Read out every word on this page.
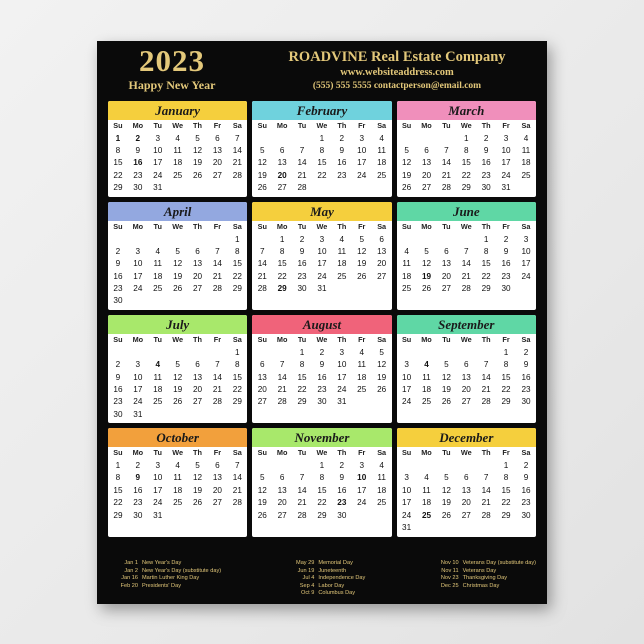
2023
Happy New Year
ROADVINE Real Estate Company
www.websiteaddress.com
(555) 555 5555 contactperson@email.com
January
Su	Mo	Tu	We	Th	Fr	Sa
1	2	3	4	5	6	7
8	9	10	11	12	13	14
15	16	17	18	19	20	21
22	23	24	25	26	27	28
29	30	31				
February
Su	Mo	Tu	We	Th	Fr	Sa
			1	2	3	4
5	6	7	8	9	10	11
12	13	14	15	16	17	18
19	20	21	22	23	24	25
26	27	28				
March
Su	Mo	Tu	We	Th	Fr	Sa
			1	2	3	4
5	6	7	8	9	10	11
12	13	14	15	16	17	18
19	20	21	22	23	24	25
26	27	28	29	30	31	
April
Su	Mo	Tu	We	Th	Fr	Sa
						1
2	3	4	5	6	7	8
9	10	11	12	13	14	15
16	17	18	19	20	21	22
23	24	25	26	27	28	29
30						
May
Su	Mo	Tu	We	Th	Fr	Sa
	1	2	3	4	5	6
7	8	9	10	11	12	13
14	15	16	17	18	19	20
21	22	23	24	25	26	27
28	29	30	31			
June
Su	Mo	Tu	We	Th	Fr	Sa
				1	2	3
4	5	6	7	8	9	10
11	12	13	14	15	16	17
18	19	20	21	22	23	24
25	26	27	28	29	30	
July
Su	Mo	Tu	We	Th	Fr	Sa
						1
2	3	4	5	6	7	8
9	10	11	12	13	14	15
16	17	18	19	20	21	22
23	24	25	26	27	28	29
30	31					
August
Su	Mo	Tu	We	Th	Fr	Sa
		1	2	3	4	5
6	7	8	9	10	11	12
13	14	15	16	17	18	19
20	21	22	23	24	25	26
27	28	29	30	31		
September
Su	Mo	Tu	We	Th	Fr	Sa
					1	2
3	4	5	6	7	8	9
10	11	12	13	14	15	16
17	18	19	20	21	22	23
24	25	26	27	28	29	30
October
Su	Mo	Tu	We	Th	Fr	Sa
1	2	3	4	5	6	7
8	9	10	11	12	13	14
15	16	17	18	19	20	21
22	23	24	25	26	27	28
29	30	31				
November
Su	Mo	Tu	We	Th	Fr	Sa
			1	2	3	4
5	6	7	8	9	10	11
12	13	14	15	16	17	18
19	20	21	22	23	24	25
26	27	28	29	30		
December
Su	Mo	Tu	We	Th	Fr	Sa
					1	2
3	4	5	6	7	8	9
10	11	12	13	14	15	16
17	18	19	20	21	22	23
24	25	26	27	28	29	30
31						
Jan 1 New Year's Day
Jan 2 New Year's Day (substitute day)
Jan 16 Martin Luther King Day
Feb 20 Presidents' Day
May 29 Memorial Day
Jun 19 Juneteenth
Jul 4 Independence Day
Sep 4 Labor Day
Oct 9 Columbus Day
Nov 10 Veterans Day (substitute day)
Nov 11 Veterans Day
Nov 23 Thanksgiving Day
Dec 25 Christmas Day
